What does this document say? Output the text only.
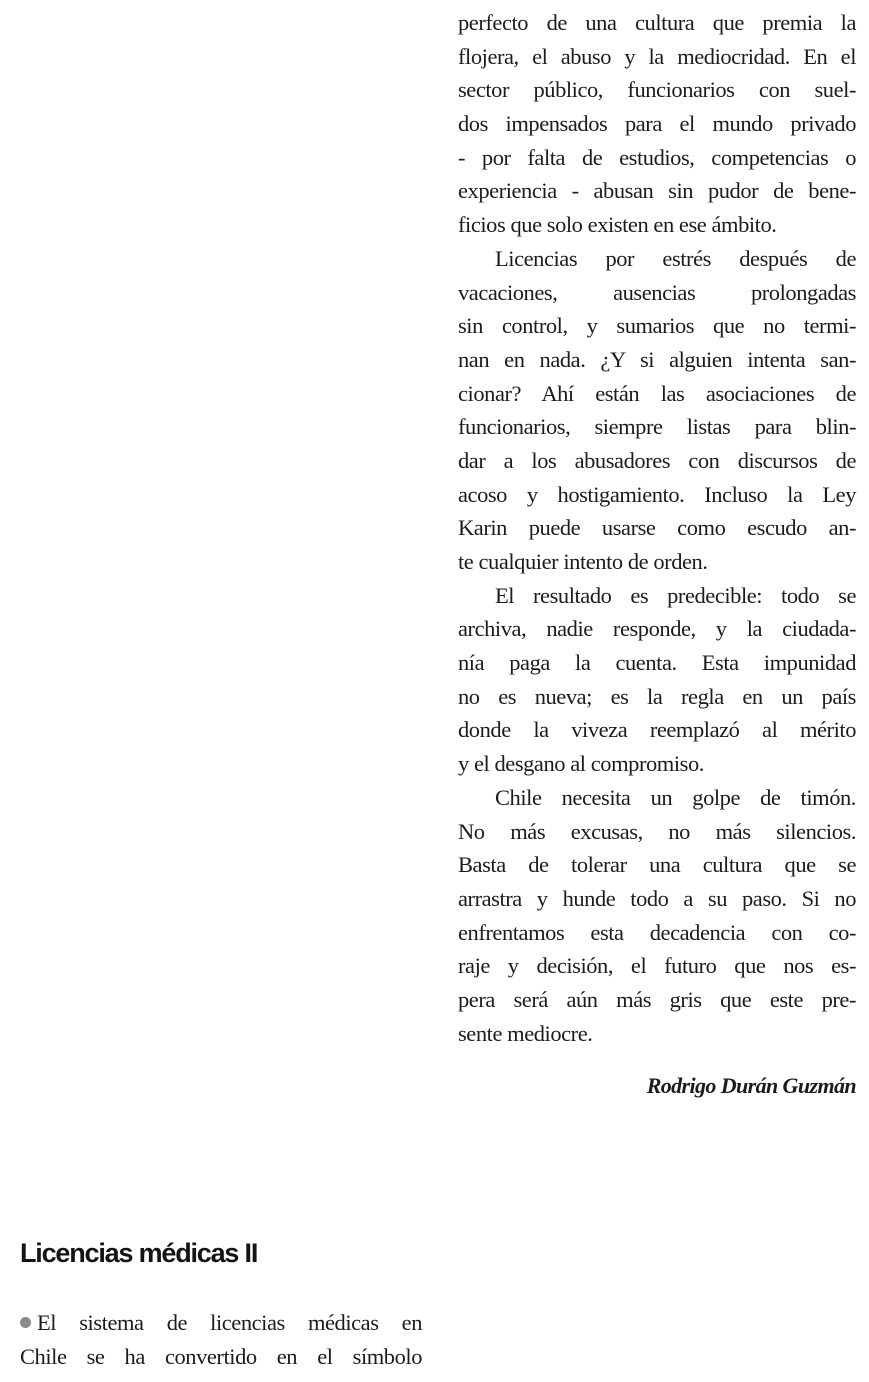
perfecto de una cultura que premia la
flojera, el abuso y la mediocridad. En el
sector público, funcionarios con suel-
dos impensados para el mundo privado
- por falta de estudios, competencias o
experiencia - abusan sin pudor de bene-
ficios que solo existen en ese ámbito.
Licencias por estrés después de
vacaciones, ausencias prolongadas
sin control, y sumarios que no termi-
nan en nada. ¿Y si alguien intenta san-
cionar? Ahí están las asociaciones de
funcionarios, siempre listas para blin-
dar a los abusadores con discursos de
acoso y hostigamiento. Incluso la Ley
Karin puede usarse como escudo an-
te cualquier intento de orden.
El resultado es predecible: todo se
archiva, nadie responde, y la ciudada-
nía paga la cuenta. Esta impunidad
no es nueva; es la regla en un país
donde la viveza reemplazó al mérito
y el desgano al compromiso.
Chile necesita un golpe de timón.
No más excusas, no más silencios.
Basta de tolerar una cultura que se
arrastra y hunde todo a su paso. Si no
enfrentamos esta decadencia con co-
raje y decisión, el futuro que nos es-
pera será aún más gris que este pre-
sente mediocre.
Rodrigo Durán Guzmán
Licencias médicas II
El sistema de licencias médicas en
Chile se ha convertido en el símbolo
